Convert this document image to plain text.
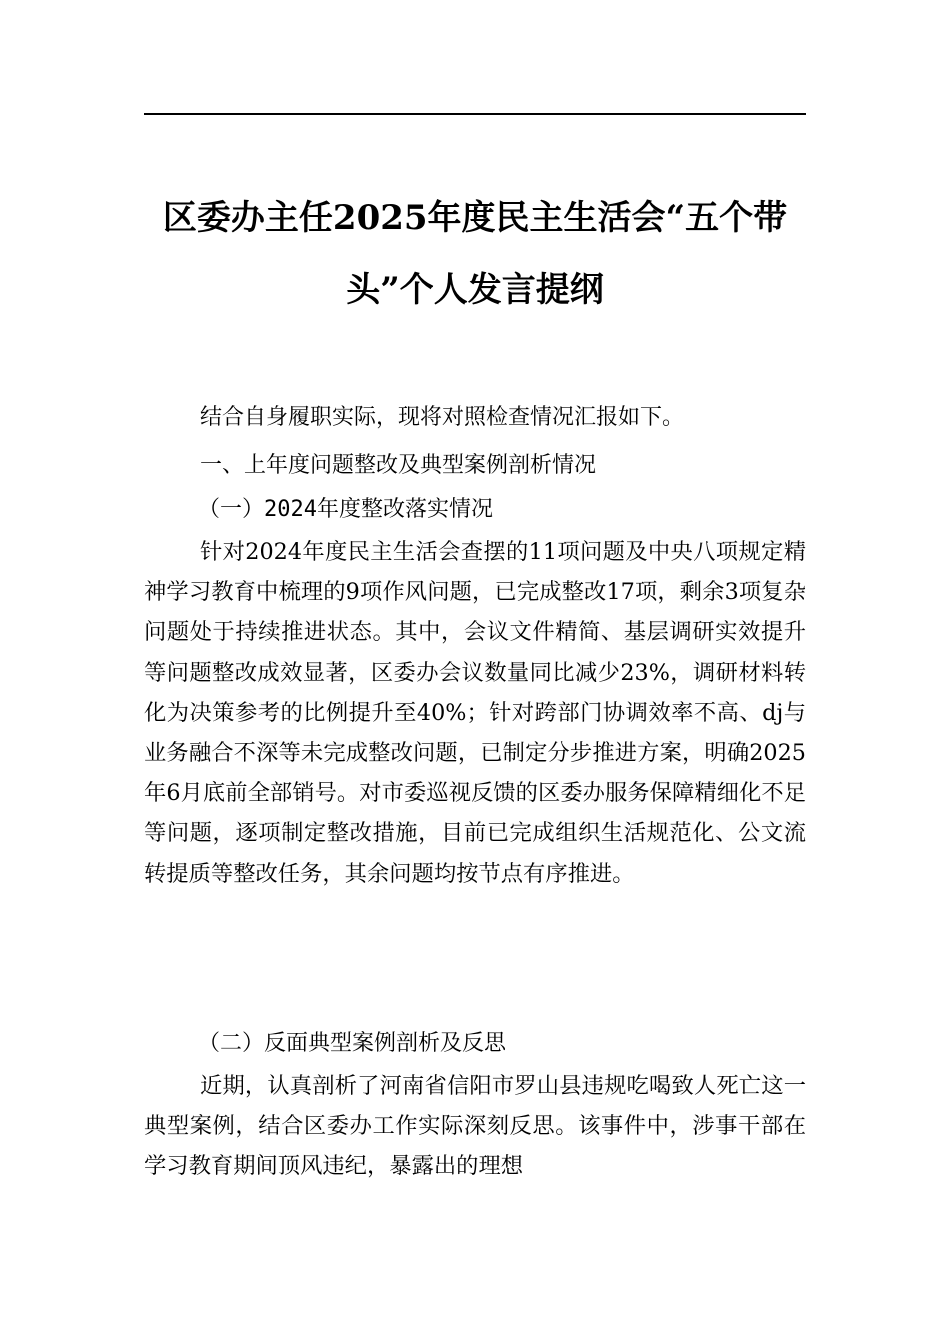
区委办主任2025年度民主生活会“五个带
头”个人发言提纲

结合自身履职实际，现将对照检查情况汇报如下。

一、上年度问题整改及典型案例剖析情况

（一）2024年度整改落实情况

针对2024年度民主生活会查摆的11项问题及中央八项规定精神学习教育中梳理的9项作风问题，已完成整改17项，剩余3项复杂问题处于持续推进状态。其中，会议文件精简、基层调研实效提升等问题整改成效显著，区委办会议数量同比减少23%，调研材料转化为决策参考的比例提升至40%；针对跨部门协调效率不高、dj与业务融合不深等未完成整改问题，已制定分步推进方案，明确2025年6月底前全部销号。对市委巡视反馈的区委办服务保障精细化不足等问题，逐项制定整改措施，目前已完成组织生活规范化、公文流转提质等整改任务，其余问题均按节点有序推进。

（二）反面典型案例剖析及反思

近期，认真剖析了河南省信阳市罗山县违规吃喝致人死亡这一典型案例，结合区委办工作实际深刻反思。该事件中，涉事干部在学习教育期间顶风违纪，暴露出的理想
